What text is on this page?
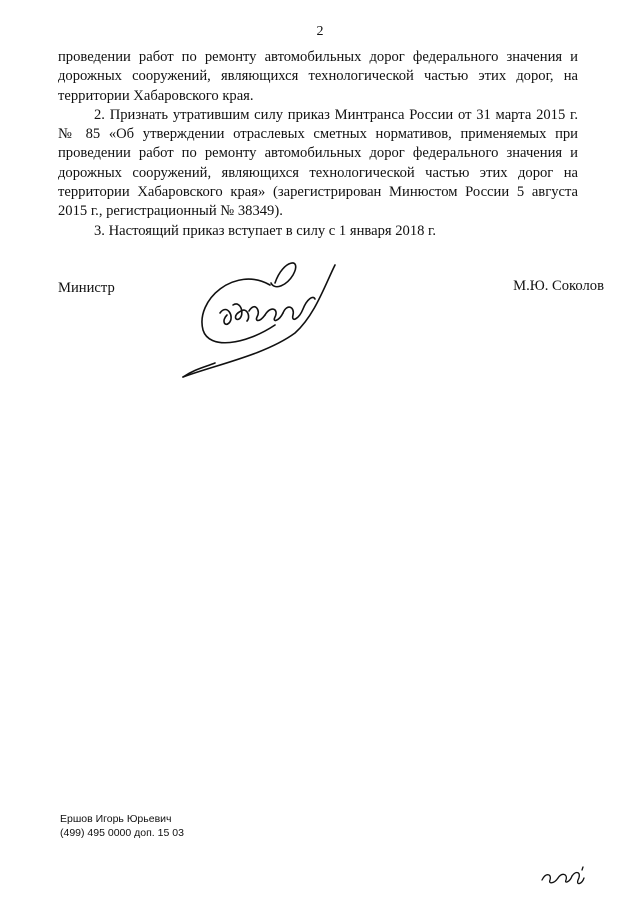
2

проведении работ по ремонту автомобильных дорог федерального значения и дорожных сооружений, являющихся технологической частью этих дорог, на территории Хабаровского края.

2. Признать утратившим силу приказ Минтранса России от 31 марта 2015 г. № 85 «Об утверждении отраслевых сметных нормативов, применяемых при проведении работ по ремонту автомобильных дорог федерального значения и дорожных сооружений, являющихся технологической частью этих дорог на территории Хабаровского края» (зарегистрирован Минюстом России 5 августа 2015 г., регистрационный № 38349).

3. Настоящий приказ вступает в силу с 1 января 2018 г.

Министр	М.Ю. Соколов
Ершов Игорь Юрьевич
(499) 495 0000 доп. 15 03
